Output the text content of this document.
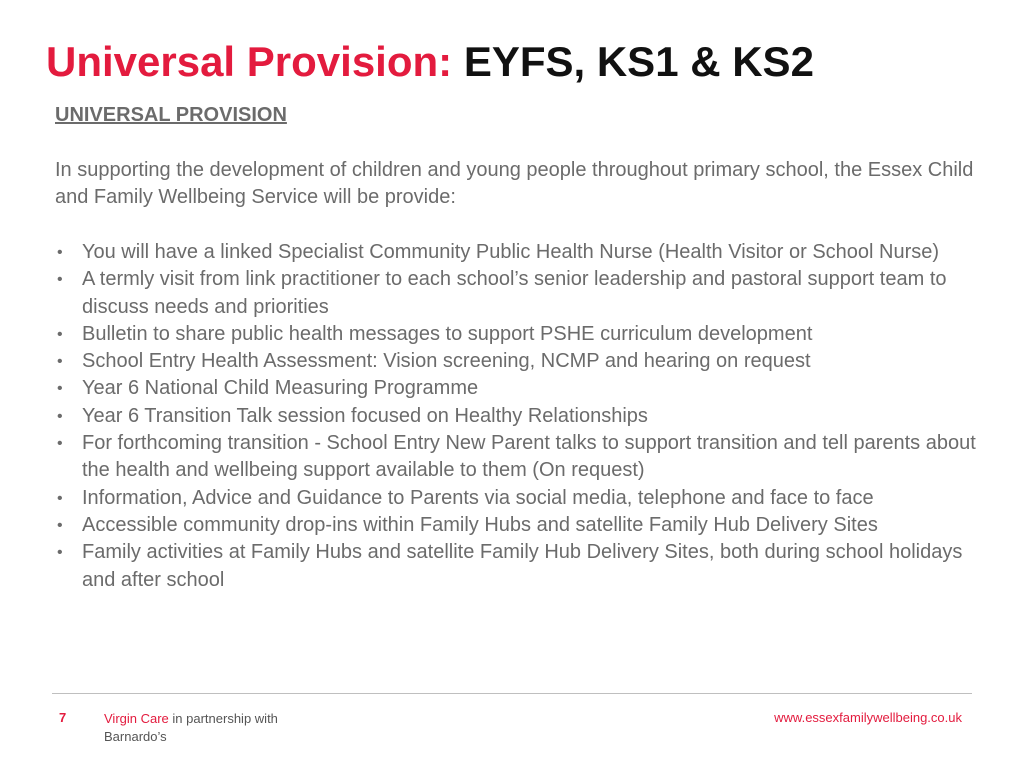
Universal Provision: EYFS, KS1 & KS2
UNIVERSAL PROVISION

In supporting the development of children and young people throughout primary school, the Essex Child and Family Wellbeing Service will be provide:

• You will have a linked Specialist Community Public Health Nurse (Health Visitor or School Nurse)
• A termly visit from link practitioner to each school’s senior leadership and pastoral support team to discuss needs and priorities
• Bulletin to share public health messages to support PSHE curriculum development
• School Entry Health Assessment: Vision screening, NCMP and hearing on request
• Year 6 National Child Measuring Programme
• Year 6 Transition Talk session focused on Healthy Relationships
• For forthcoming transition - School Entry New Parent talks to support transition and tell parents about the health and wellbeing support available to them (On request)
• Information, Advice and Guidance to Parents via social media, telephone and face to face
• Accessible community drop-ins within Family Hubs and satellite Family Hub Delivery Sites
• Family activities at Family Hubs and satellite Family Hub Delivery Sites, both during school holidays and after school
7	Virgin Care in partnership with
Barnardo’s
www.essexfamilywellbeing.co.uk
